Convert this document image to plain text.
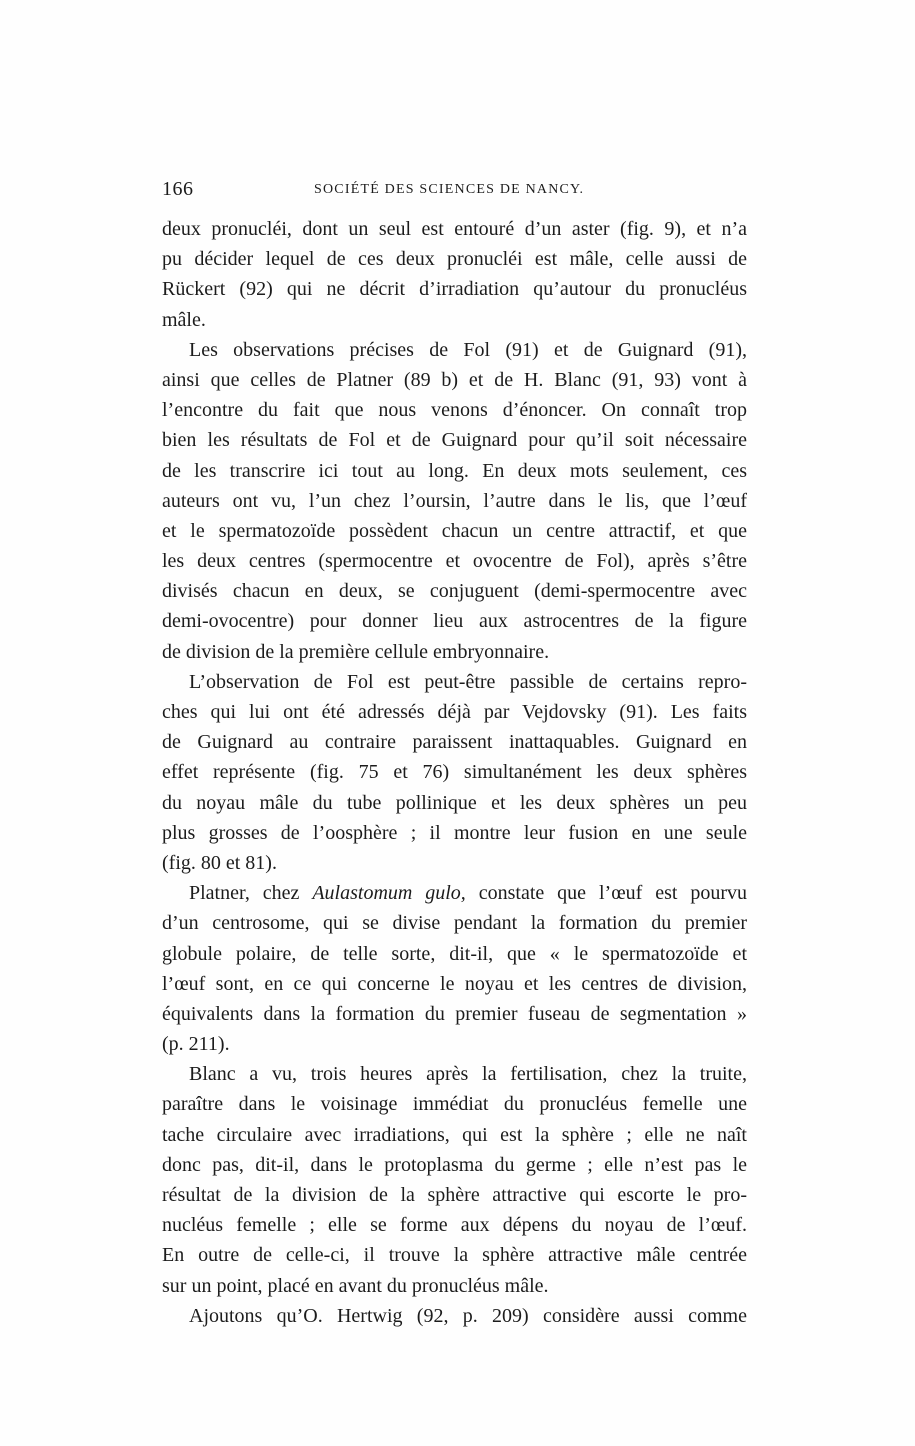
166	SOCIÉTÉ DES SCIENCES DE NANCY.
deux pronucléi, dont un seul est entouré d’un aster (fig. 9), et n’a
pu décider lequel de ces deux pronucléi est mâle, celle aussi de
Rückert (92) qui ne décrit d’irradiation qu’autour du pronucléus
mâle.
Les observations précises de Fol (91) et de Guignard (91),
ainsi que celles de Platner (89 b) et de H. Blanc (91, 93) vont à
l’encontre du fait que nous venons d’énoncer. On connaît trop
bien les résultats de Fol et de Guignard pour qu’il soit nécessaire
de les transcrire ici tout au long. En deux mots seulement, ces
auteurs ont vu, l’un chez l’oursin, l’autre dans le lis, que l’œuf
et le spermatozoïde possèdent chacun un centre attractif, et que
les deux centres (spermocentre et ovocentre de Fol), après s’être
divisés chacun en deux, se conjuguent (demi-spermocentre avec
demi-ovocentre) pour donner lieu aux astrocentres de la figure
de division de la première cellule embryonnaire.
L’observation de Fol est peut-être passible de certains repro-
ches qui lui ont été adressés déjà par Vejdovsky (91). Les faits
de Guignard au contraire paraissent inattaquables. Guignard en
effet représente (fig. 75 et 76) simultanément les deux sphères
du noyau mâle du tube pollinique et les deux sphères un peu
plus grosses de l’oosphère ; il montre leur fusion en une seule
(fig. 80 et 81).
Platner, chez Aulastomum gulo, constate que l’œuf est pourvu
d’un centrosome, qui se divise pendant la formation du premier
globule polaire, de telle sorte, dit-il, que « le spermatozoïde et
l’œuf sont, en ce qui concerne le noyau et les centres de division,
équivalents dans la formation du premier fuseau de segmentation »
(p. 211).
Blanc a vu, trois heures après la fertilisation, chez la truite,
paraître dans le voisinage immédiat du pronucléus femelle une
tache circulaire avec irradiations, qui est la sphère ; elle ne naît
donc pas, dit-il, dans le protoplasma du germe ; elle n’est pas le
résultat de la division de la sphère attractive qui escorte le pro-
nucléus femelle ; elle se forme aux dépens du noyau de l’œuf.
En outre de celle-ci, il trouve la sphère attractive mâle centrée
sur un point, placé en avant du pronucléus mâle.
Ajoutons qu’O. Hertwig (92, p. 209) considère aussi comme
